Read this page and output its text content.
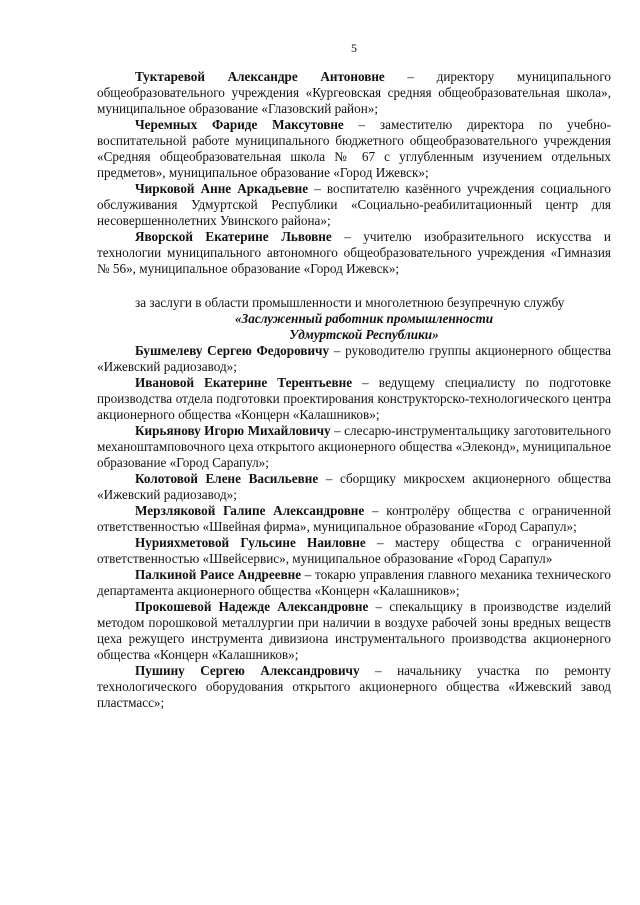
5

Туктаревой Александре Антоновне – директору муниципального общеобразовательного учреждения «Кургеовская средняя общеобразовательная школа», муниципальное образование «Глазовский район»;

Черемных Фариде Максутовне – заместителю директора по учебно-воспитательной работе муниципального бюджетного общеобразовательного учреждения «Средняя общеобразовательная школа № 67 с углубленным изучением отдельных предметов», муниципальное образование «Город Ижевск»;

Чирковой Анне Аркадьевне – воспитателю казённого учреждения социального обслуживания Удмуртской Республики «Социально-реабилитационный центр для несовершеннолетних Увинского района»;

Яворской Екатерине Львовне – учителю изобразительного искусства и технологии муниципального автономного общеобразовательного учреждения «Гимназия № 56», муниципальное образование «Город Ижевск»;

за заслуги в области промышленности и многолетнюю безупречную службу

«Заслуженный работник промышленности

Удмуртской Республики»

Бушмелеву Сергею Федоровичу – руководителю группы акционерного общества «Ижевский радиозавод»;

Ивановой Екатерине Терентьевне – ведущему специалисту по подготовке производства отдела подготовки проектирования конструкторско-технологического центра акционерного общества «Концерн «Калашников»;

Кирьянову Игорю Михайловичу – слесарю-инструментальщику заготовительного механоштамповочного цеха открытого акционерного общества «Элеконд», муниципальное образование «Город Сарапул»;

Колотовой Елене Васильевне – сборщику микросхем акционерного общества «Ижевский радиозавод»;

Мерзляковой Галипе Александровне – контролёру общества с ограниченной ответственностью «Швейная фирма», муниципальное образование «Город Сарапул»;

Нурияхметовой Гульсине Наиловне – мастеру общества с ограниченной ответственностью «Швейсервис», муниципальное образование «Город Сарапул»

Палкиной Раисе Андреевне – токарю управления главного механика технического департамента акционерного общества «Концерн «Калашников»;

Прокошевой Надежде Александровне – спекальщику в производстве изделий методом порошковой металлургии при наличии в воздухе рабочей зоны вредных веществ цеха режущего инструмента дивизиона инструментального производства акционерного общества «Концерн «Калашников»;

Пушину Сергею Александровичу – начальнику участка по ремонту технологического оборудования открытого акционерного общества «Ижевский завод пластмасс»;
